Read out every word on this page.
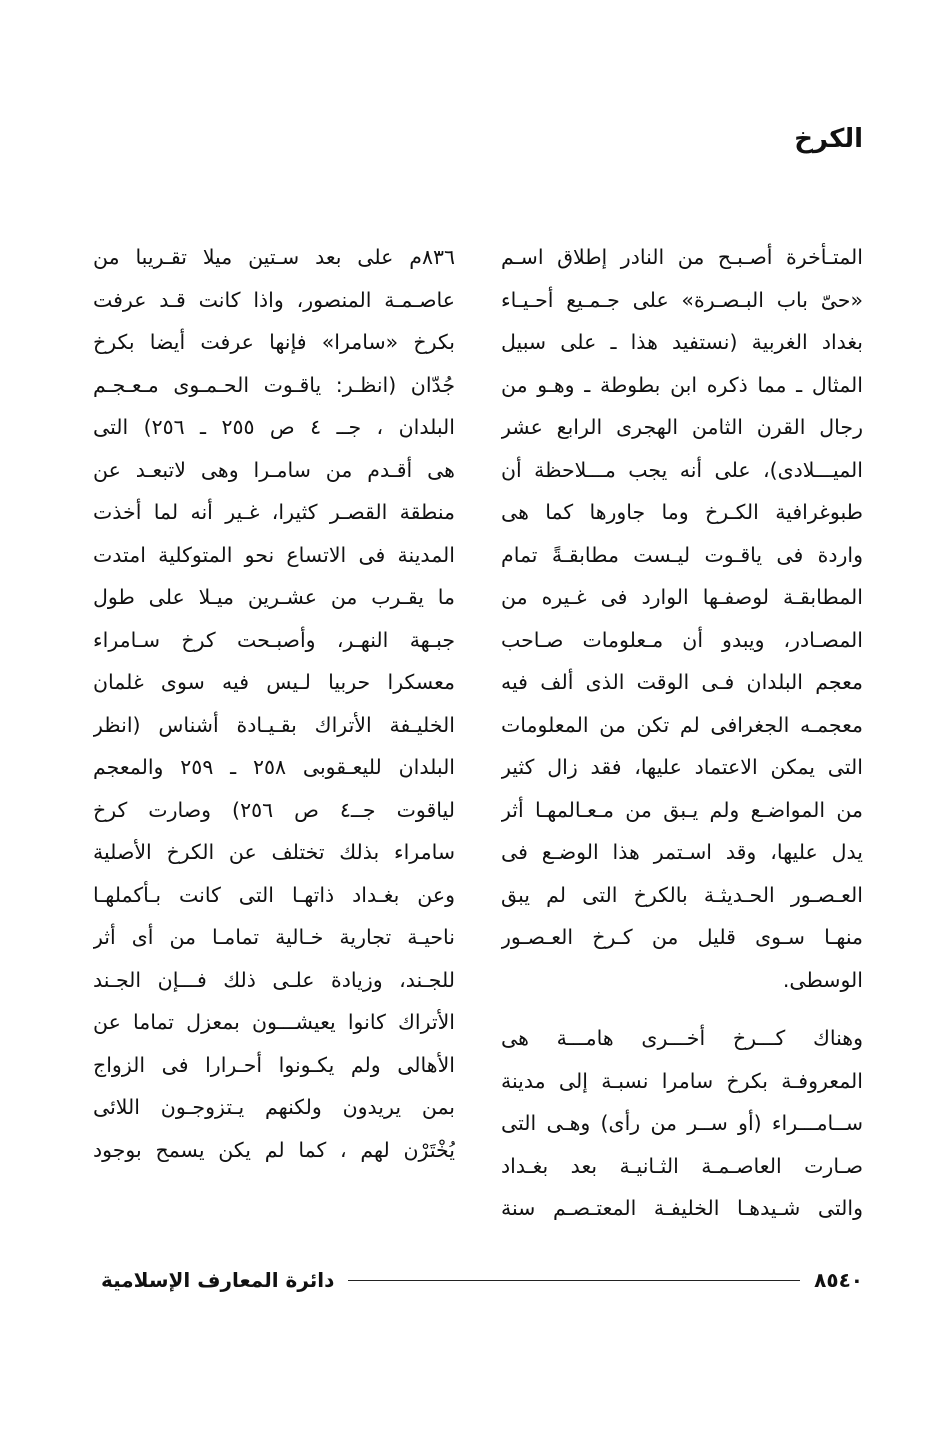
الكرخ
المتـأخرة أصـبـح من النادر إطلاق اسـم
«حىّ باب البـصـرة» على جـمـيع أحـيـاء
بغداد الغربية (نستفيد هذا ـ على سبيل
المثال ـ مما ذكره ابن بطوطة ـ وهـو من
رجال القرن الثامن الهجرى الرابع عشر
الميـــلادى)، على أنه يجب مـــلاحظة أن
طبوغرافية الكـرخ وما جاورها كما هى
واردة فى ياقـوت ليـست مطابقـةً تمام
المطابقـة لوصفـها الوارد فى غـيره من
المصـادر، ويبدو أن مـعلومات صـاحب
معجم البلدان فـى الوقت الذى ألف فيه
معجمـه الجغرافى لم تكن من المعلومات
التى يمكن الاعتماد عليها، فقد زال كثير
من المواضـع ولم يـبق من مـعـالمهـا أثر
يدل عليها، وقد اسـتمر هذا الوضـع فى
العـصـور الحـديثـة بالكرخ التى لم يبق
منهـا سـوى قليل من كـرخ العـصـور
الوسطى.
وهناك كـــرخ أخـــرى هامـــة هى
المعروفـة بكرخ سامرا نسبـة إلى مدينة
ســامـــراء (أو ســر من رأى) وهـى التى
صـارت العاصـمـة الثـانيـة بعد بغـداد
والتى شـيدهـا الخليفـة المعتـصـم سنة
٨٣٦م على بعد سـتين ميلا تقـريبا من
عاصـمـة المنصور، واذا كانت قـد عرفت
بكرخ «سامرا» فإنها عرفت أيضا بكرخ
جُدّان (انظـر: ياقـوت الحـمـوى مـعـجـم
البلدان ، جــ ٤ ص ٢٥٥ ـ ٢٥٦) التى
هى أقـدم من سامـرا وهى لاتبعـد عن
منطقة القصـر كثيرا، غـير أنه لما أخذت
المدينة فى الاتساع نحو المتوكلية امتدت
ما يقـرب من عشـرين ميـلا على طول
جبـهة النهـر، وأصبـحت كرخ سـامراء
معسكرا حربيا لـيس فيه سوى غلمان
الخليـفة الأتراك بقـيـادة أشناس (انظر
البلدان لليعـقوبى ٢٥٨ ـ ٢٥٩ والمعجم
لياقوت جــ٤ ص ٢٥٦) وصارت كرخ
سامراء بذلك تختلف عن الكرخ الأصلية
وعن بغـداد ذاتهـا التى كانت بـأكملهـا
ناحيـة تجارية خـالية تمامـا من أى أثر
للجـند، وزيادة علـى ذلك فـــإن الجـند
الأتراك كانوا يعيشـــون بمعزل تماما عن
الأهالى ولم يكـونوا أحـرارا فى الزواج
بمن يريدون ولكنهم يـتزوجـون اللائى
يُخْتَرْن لهم ، كما لم يكن يسمح بوجود
٨٥٤٠
دائرة المعارف الإسلامية
